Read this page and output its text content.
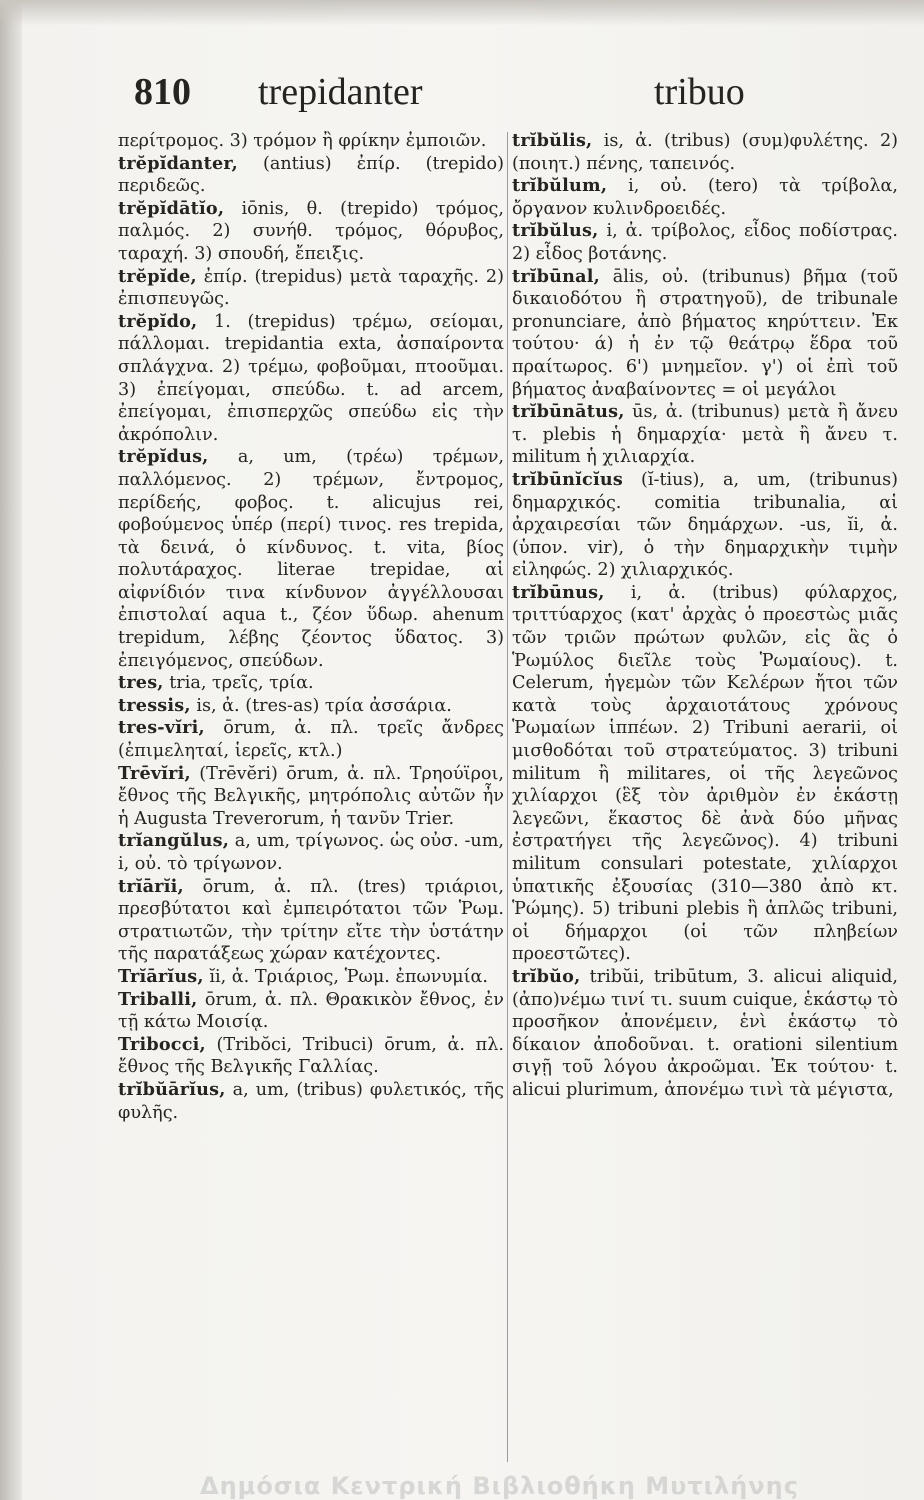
810 trepidanter	tribuo
περίτρομος. 3) τρόμον ἢ φρίκην ἐμποιῶν.
trĕpĭdanter, (antius) ἐπίρ. (trepido) περιδεῶς.
trĕpĭdātĭo, iōnis, θ. (trepido) τρόμος, παλμός. 2) συνήθ. τρόμος, θόρυβος, ταραχή. 3) σπουδή, ἔπειξις.
trĕpĭde, ἐπίρ. (trepidus) μετὰ ταραχῆς. 2) ἐπισπευγῶς.
trĕpĭdo, 1. (trepidus) τρέμω, σείομαι, πάλλομαι. trepidantia exta, ἀσπαίροντα σπλάγχνα. 2) τρέμω, φοβοῦμαι, πτοοῦμαι. 3) ἐπείγομαι, σπεύδω. t. ad arcem, ἐπείγομαι, ἐπισπερχῶς σπεύδω εἰς τὴν ἀκρόπολιν.
trĕpĭdus, a, um, (τρέω) τρέμων, παλλόμενος. 2) τρέμων, ἔντρομος, περίδεής, φοβος. t. alicujus rei, φοβούμενος ὑπέρ (περί) τινος. res trepida, τὰ δεινά, ὁ κίνδυνος. t. vita, βίος πολυτάραχος. literae trepidae, αἱ αἰφνίδιόν τινα κίνδυνον ἀγγέλλουσαι ἐπιστολαί aqua t., ζέον ὕδωρ. ahenum trepidum, λέβης ζέοντος ὕδατος. 3) ἐπειγόμενος, σπεύδων.
tres, tria, τρεῖς, τρία.
tressis, is, ἀ. (tres-as) τρία ἀσσάρια.
tres-vĭri, ōrum, ἀ. πλ. τρεῖς ἄνδρες (ἐπιμεληταί, ἱερεῖς, κτλ.)
Trēvĭri, (Trēvĕri) ōrum, ἀ. πλ. Τρηούϊροι, ἔθνος τῆς Βελγικῆς, μητρόπολις αὐτῶν ἦν ἡ Augusta Treverorum, ἡ τανῦν Trier.
trĭangŭlus, a, um, τρίγωνος. ὡς οὐσ. -um, i, οὐ. τὸ τρίγωνον.
trĭārĭi, ōrum, ἀ. πλ. (tres) τριάριοι, πρεσβύτατοι καὶ ἐμπειρότατοι τῶν Ῥωμ. στρατιωτῶν, τὴν τρίτην εἴτε τὴν ὑστάτην τῆς παρατάξεως χώραν κατέχοντες.
Trĭārĭus, ĭi, ἀ. Τριάριος, Ῥωμ. ἐπωνυμία.
Triballi, ōrum, ἀ. πλ. Θρακικὸν ἔθνος, ἐν τῇ κάτω Μοισίᾳ.
Tribocci, (Tribŏci, Tribuci) ōrum, ἀ. πλ. ἔθνος τῆς Βελγικῆς Γαλλίας.
trĭbŭārĭus, a, um, (tribus) φυλετικός, τῆς φυλῆς.
trĭbŭlis, is, ἀ. (tribus) (συμ)φυλέτης. 2) (ποιητ.) πένης, ταπεινός.
trĭbŭlum, i, οὐ. (tero) τὰ τρίβολα, ὄργανον κυλινδροειδές.
trĭbŭlus, i, ἀ. τρίβολος, εἶδος ποδίστρας. 2) εἶδος βοτάνης.
trĭbūnal, ālis, οὐ. (tribunus) βῆμα (τοῦ δικαιοδότου ἢ στρατηγοῦ), de tribunale pronunciare, ἀπὸ βήματος κηρύττειν. Ἐκ τούτου· ά) ἡ ἐν τῷ θεάτρῳ ἕδρα τοῦ πραίτωρος. 6') μνημεῖον. γ') οἱ ἐπὶ τοῦ βήματος ἀναβαίνοντες = οἱ μεγάλοι
trĭbūnātus, ūs, ἀ. (tribunus) μετὰ ἢ ἄνευ τ. plebis ἡ δημαρχία· μετὰ ἢ ἄνευ τ. militum ἡ χιλιαρχία.
trĭbūnĭcĭus (ĭ-tius), a, um, (tribunus) δημαρχικός. comitia tribunalia, αἱ ἀρχαιρεσίαι τῶν δημάρχων. -us, ĭi, ἀ. (ὑπον. vir), ὁ τὴν δημαρχικὴν τιμὴν εἰληφώς. 2) χιλιαρχικός.
trĭbūnus, i, ἀ. (tribus) φύλαρχος, τριττύαρχος (κατ' ἀρχὰς ὁ προεστὼς μιᾶς τῶν τριῶν πρώτων φυλῶν, εἰς ἃς ὁ Ῥωμύλος διεῖλε τοὺς Ῥωμαίους). t. Celerum, ἡγεμὼν τῶν Κελέρων ἤτοι τῶν κατὰ τοὺς ἀρχαιοτάτους χρόνους Ῥωμαίων ἱππέων. 2) Tribuni aerarii, οἱ μισθοδόται τοῦ στρατεύματος. 3) tribuni militum ἢ militares, οἱ τῆς λεγεῶνος χιλίαρχοι (ἓξ τὸν ἀριθμὸν ἐν ἑκάστῃ λεγεῶνι, ἕκαστος δὲ ἀνὰ δύο μῆνας ἐστρατήγει τῆς λεγεῶνος). 4) tribuni militum consulari potestate, χιλίαρχοι ὑπατικῆς ἐξουσίας (310—380 ἀπὸ κτ. Ῥώμης). 5) tribuni plebis ἢ ἁπλῶς tribuni, οἱ δήμαρχοι (οἱ τῶν πληβείων προεστῶτες).
trĭbŭo, tribŭi, tribūtum, 3. alicui aliquid, (ἀπο)νέμω τινί τι. suum cuique, ἑκάστῳ τὸ προσῆκον ἀπονέμειν, ἑνὶ ἑκάστῳ τὸ δίκαιον ἀποδοῦναι. t. orationi silentium σιγῇ τοῦ λόγου ἀκροῶμαι. Ἐκ τούτου· t. alicui plurimum, ἀπονέμω τινὶ τὰ μέγιστα,
Δημόσια Κεντρική Βιβλιοθήκη Μυτιλήνης
